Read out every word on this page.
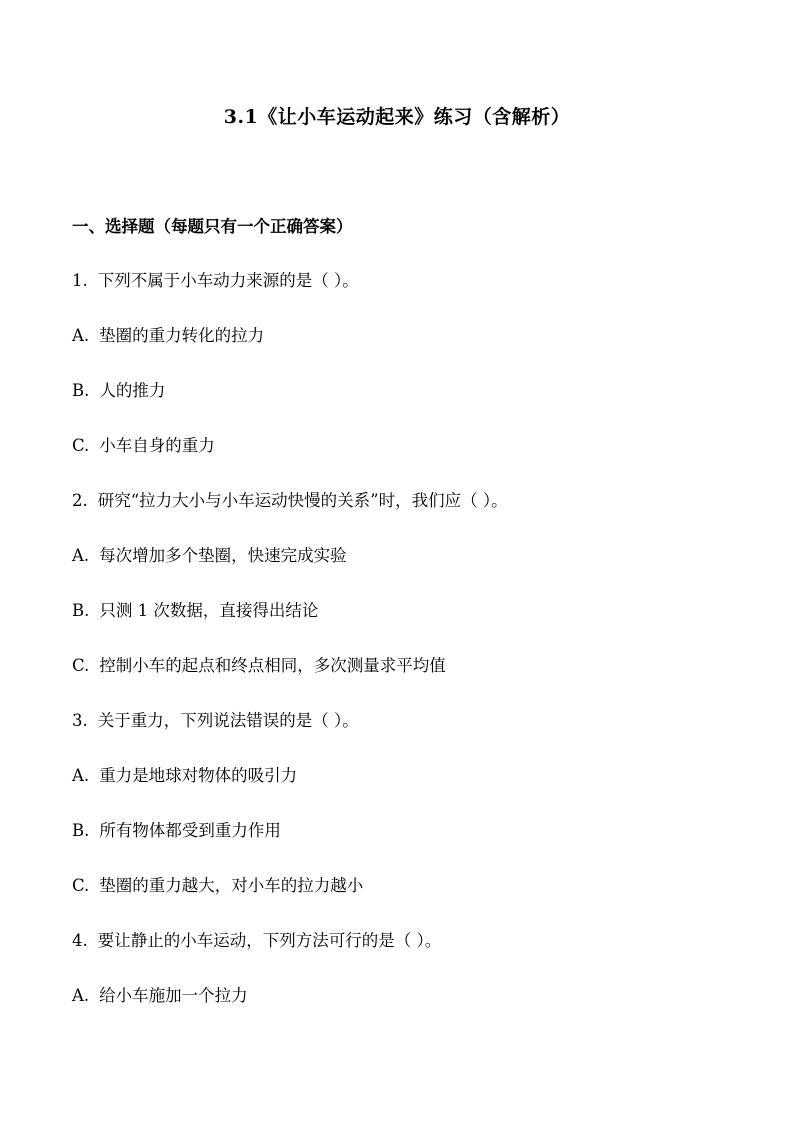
3.1《让小车运动起来》练习（含解析）
一、选择题（每题只有一个正确答案）
1. 下列不属于小车动力来源的是（ ）。
A. 垫圈的重力转化的拉力
B. 人的推力
C. 小车自身的重力
2. 研究“拉力大小与小车运动快慢的关系”时，我们应（ ）。
A. 每次增加多个垫圈，快速完成实验
B. 只测 1 次数据，直接得出结论
C. 控制小车的起点和终点相同，多次测量求平均值
3. 关于重力，下列说法错误的是（ ）。
A. 重力是地球对物体的吸引力
B. 所有物体都受到重力作用
C. 垫圈的重力越大，对小车的拉力越小
4. 要让静止的小车运动，下列方法可行的是（ ）。
A. 给小车施加一个拉力
